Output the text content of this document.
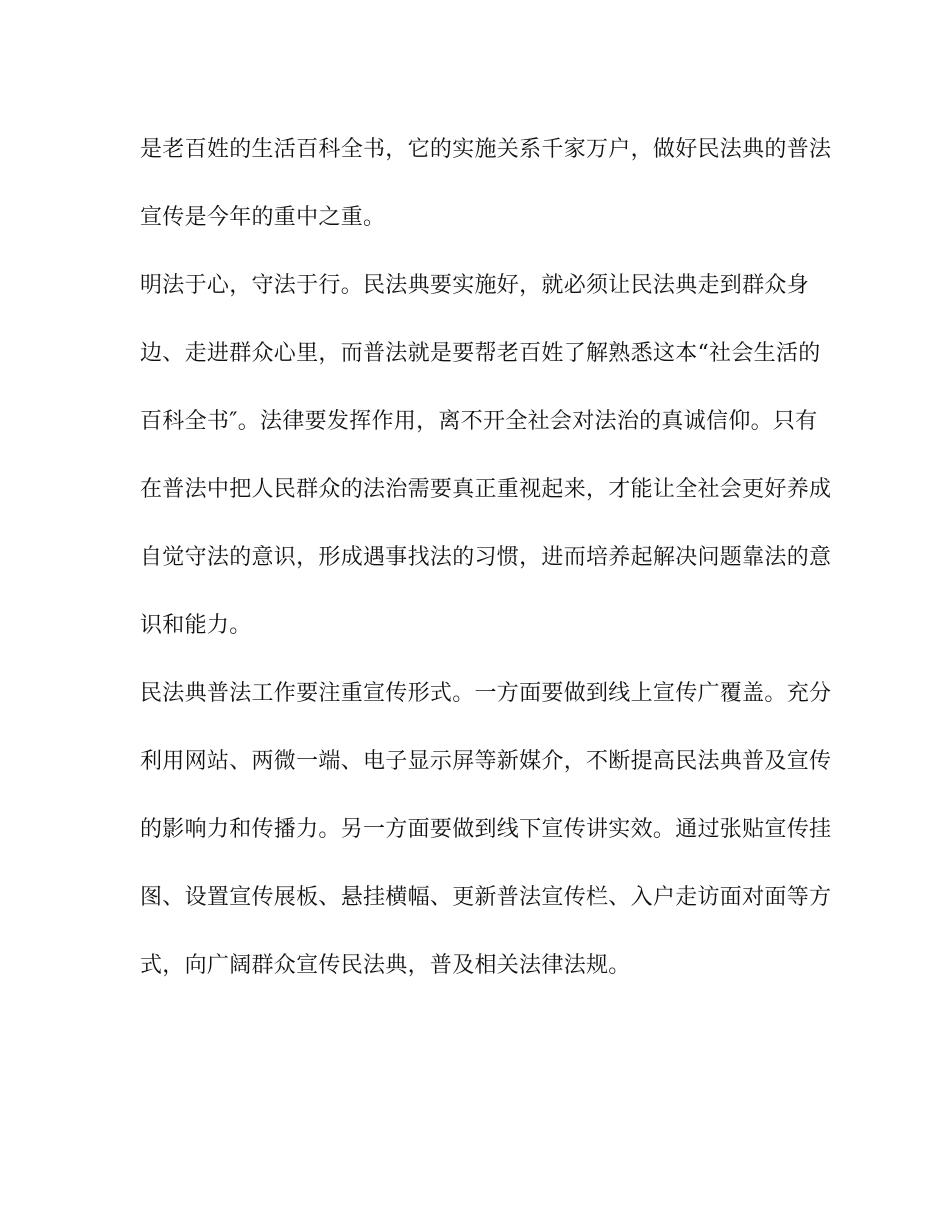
是老百姓的生活百科全书，它的实施关系千家万户，做好民法典的普法
宣传是今年的重中之重。
明法于心，守法于行。民法典要实施好，就必须让民法典走到群众身
边、走进群众心里，而普法就是要帮老百姓了解熟悉这本“社会生活的
百科全书″。法律要发挥作用，离不开全社会对法治的真诚信仰。只有
在普法中把人民群众的法治需要真正重视起来，才能让全社会更好养成
自觉守法的意识，形成遇事找法的习惯，进而培养起解决问题靠法的意
识和能力。
民法典普法工作要注重宣传形式。一方面要做到线上宣传广覆盖。充分
利用网站、两微一端、电子显示屏等新媒介，不断提高民法典普及宣传
的影响力和传播力。另一方面要做到线下宣传讲实效。通过张贴宣传挂
图、设置宣传展板、悬挂横幅、更新普法宣传栏、入户走访面对面等方
式，向广阔群众宣传民法典，普及相关法律法规。
